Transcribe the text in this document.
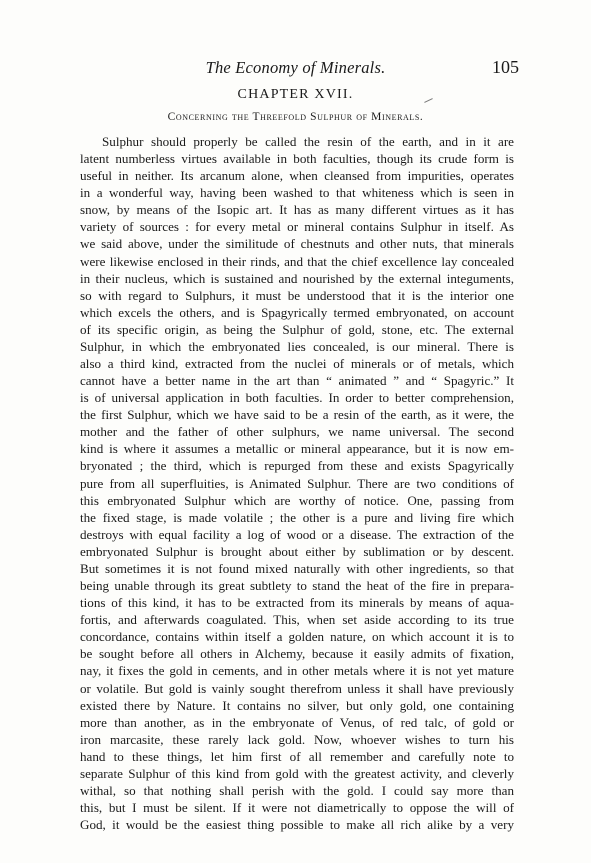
The Economy of Minerals.	105
CHAPTER XVII.
Concerning the Threefold Sulphur of Minerals.
Sulphur should properly be called the resin of the earth, and in it are
latent numberless virtues available in both faculties, though its crude form is
useful in neither. Its arcanum alone, when cleansed from impurities, operates
in a wonderful way, having been washed to that whiteness which is seen in
snow, by means of the Isopic art. It has as many different virtues as it has
variety of sources : for every metal or mineral contains Sulphur in itself. As
we said above, under the similitude of chestnuts and other nuts, that minerals
were likewise enclosed in their rinds, and that the chief excellence lay concealed
in their nucleus, which is sustained and nourished by the external integuments,
so with regard to Sulphurs, it must be understood that it is the interior one
which excels the others, and is Spagyrically termed embryonated, on account
of its specific origin, as being the Sulphur of gold, stone, etc. The external
Sulphur, in which the embryonated lies concealed, is our mineral. There is
also a third kind, extracted from the nuclei of minerals or of metals, which
cannot have a better name in the art than “ animated ” and “ Spagyric.” It
is of universal application in both faculties. In order to better comprehension,
the first Sulphur, which we have said to be a resin of the earth, as it were, the
mother and the father of other sulphurs, we name universal. The second
kind is where it assumes a metallic or mineral appearance, but it is now em-
bryonated ; the third, which is repurged from these and exists Spagyrically
pure from all superfluities, is Animated Sulphur. There are two conditions of
this embryonated Sulphur which are worthy of notice. One, passing from
the fixed stage, is made volatile ; the other is a pure and living fire which
destroys with equal facility a log of wood or a disease. The extraction of the
embryonated Sulphur is brought about either by sublimation or by descent.
But sometimes it is not found mixed naturally with other ingredients, so that
being unable through its great subtlety to stand the heat of the fire in prepara-
tions of this kind, it has to be extracted from its minerals by means of aqua-
fortis, and afterwards coagulated. This, when set aside according to its true
concordance, contains within itself a golden nature, on which account it is to
be sought before all others in Alchemy, because it easily admits of fixation,
nay, it fixes the gold in cements, and in other metals where it is not yet mature
or volatile. But gold is vainly sought therefrom unless it shall have previously
existed there by Nature. It contains no silver, but only gold, one containing
more than another, as in the embryonate of Venus, of red talc, of gold or
iron marcasite, these rarely lack gold. Now, whoever wishes to turn his
hand to these things, let him first of all remember and carefully note to
separate Sulphur of this kind from gold with the greatest activity, and cleverly
withal, so that nothing shall perish with the gold. I could say more than
this, but I must be silent. If it were not diametrically to oppose the will of
God, it would be the easiest thing possible to make all rich alike by a very
